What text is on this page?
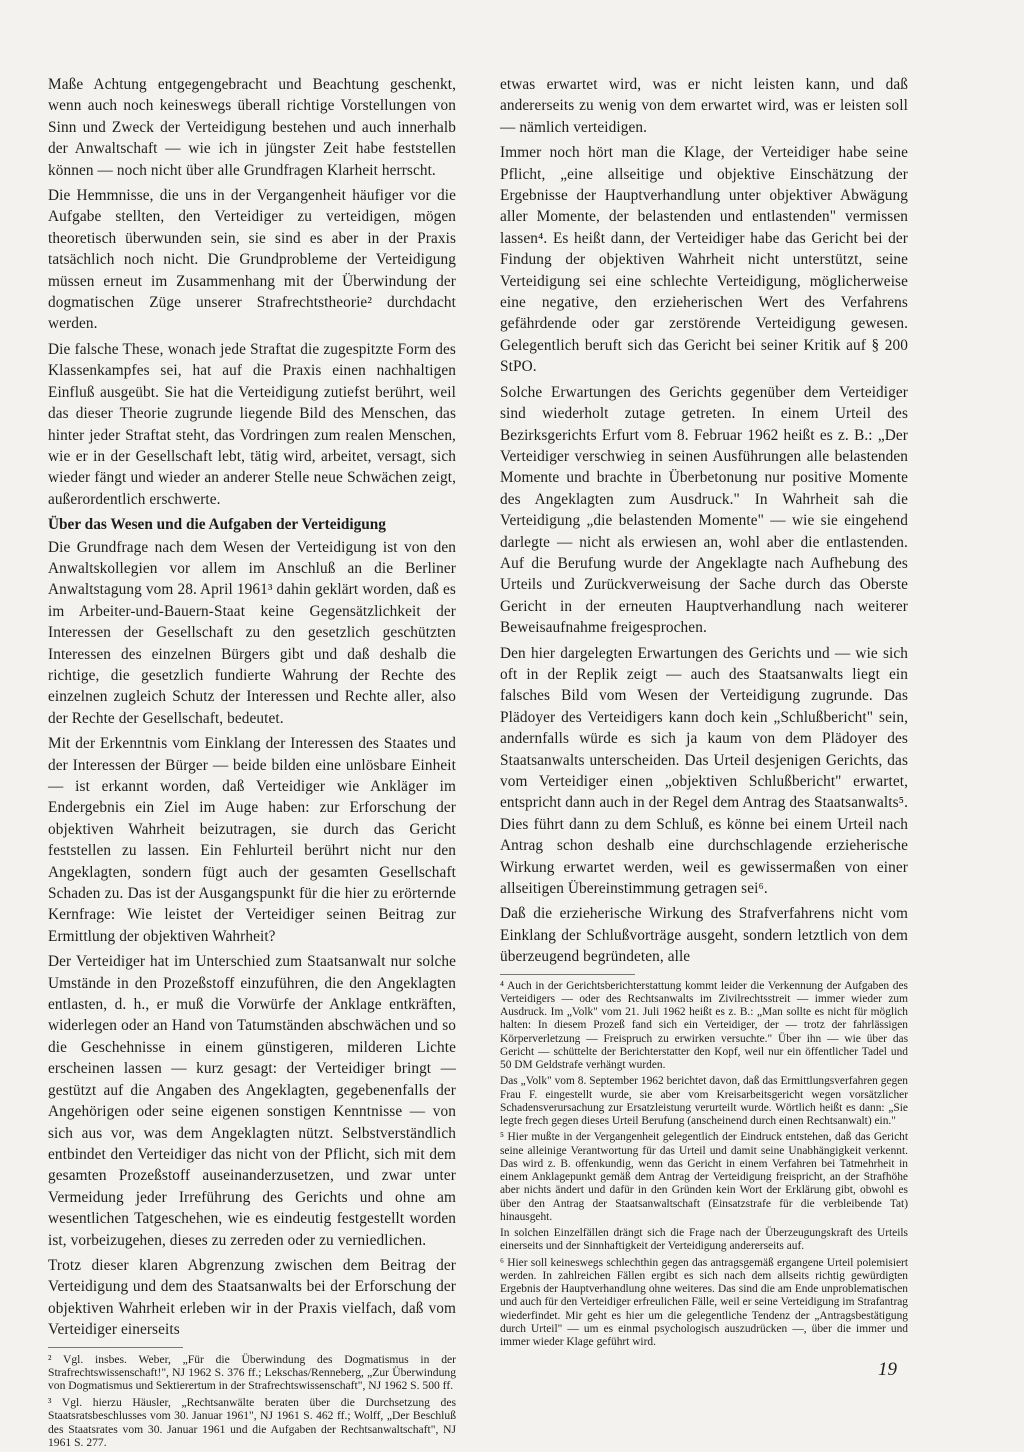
Maße Achtung entgegengebracht und Beachtung geschenkt, wenn auch noch keineswegs überall richtige Vorstellungen von Sinn und Zweck der Verteidigung bestehen und auch innerhalb der Anwaltschaft — wie ich in jüngster Zeit habe feststellen können — noch nicht über alle Grundfragen Klarheit herrscht.

Die Hemmnisse, die uns in der Vergangenheit häufiger vor die Aufgabe stellten, den Verteidiger zu verteidigen, mögen theoretisch überwunden sein, sie sind es aber in der Praxis tatsächlich noch nicht. Die Grundprobleme der Verteidigung müssen erneut im Zusammenhang mit der Überwindung der dogmatischen Züge unserer Strafrechtstheorie² durchdacht werden.

Die falsche These, wonach jede Straftat die zugespitzte Form des Klassenkampfes sei, hat auf die Praxis einen nachhaltigen Einfluß ausgeübt. Sie hat die Verteidigung zutiefst berührt, weil das dieser Theorie zugrunde liegende Bild des Menschen, das hinter jeder Straftat steht, das Vordringen zum realen Menschen, wie er in der Gesellschaft lebt, tätig wird, arbeitet, versagt, sich wieder fängt und wieder an anderer Stelle neue Schwächen zeigt, außerordentlich erschwerte.

Über das Wesen und die Aufgaben der Verteidigung

Die Grundfrage nach dem Wesen der Verteidigung ist von den Anwaltskollegien vor allem im Anschluß an die Berliner Anwaltstagung vom 28. April 1961³ dahin geklärt worden, daß es im Arbeiter-und-Bauern-Staat keine Gegensätzlichkeit der Interessen der Gesellschaft zu den gesetzlich geschützten Interessen des einzelnen Bürgers gibt und daß deshalb die richtige, die gesetzlich fundierte Wahrung der Rechte des einzelnen zugleich Schutz der Interessen und Rechte aller, also der Rechte der Gesellschaft, bedeutet.

Mit der Erkenntnis vom Einklang der Interessen des Staates und der Interessen der Bürger — beide bilden eine unlösbare Einheit — ist erkannt worden, daß Verteidiger wie Ankläger im Endergebnis ein Ziel im Auge haben: zur Erforschung der objektiven Wahrheit beizutragen, sie durch das Gericht feststellen zu lassen. Ein Fehlurteil berührt nicht nur den Angeklagten, sondern fügt auch der gesamten Gesellschaft Schaden zu. Das ist der Ausgangspunkt für die hier zu erörternde Kernfrage: Wie leistet der Verteidiger seinen Beitrag zur Ermittlung der objektiven Wahrheit?

Der Verteidiger hat im Unterschied zum Staatsanwalt nur solche Umstände in den Prozeßstoff einzuführen, die den Angeklagten entlasten, d. h., er muß die Vorwürfe der Anklage entkräften, widerlegen oder an Hand von Tatumständen abschwächen und so die Geschehnisse in einem günstigeren, milderen Lichte erscheinen lassen — kurz gesagt: der Verteidiger bringt — gestützt auf die Angaben des Angeklagten, gegebenenfalls der Angehörigen oder seine eigenen sonstigen Kenntnisse — von sich aus vor, was dem Angeklagten nützt. Selbstverständlich entbindet den Verteidiger das nicht von der Pflicht, sich mit dem gesamten Prozeßstoff auseinanderzusetzen, und zwar unter Vermeidung jeder Irreführung des Gerichts und ohne am wesentlichen Tatgeschehen, wie es eindeutig festgestellt worden ist, vorbeizugehen, dieses zu zerreden oder zu verniedlichen.

Trotz dieser klaren Abgrenzung zwischen dem Beitrag der Verteidigung und dem des Staatsanwalts bei der Erforschung der objektiven Wahrheit erleben wir in der Praxis vielfach, daß vom Verteidiger einerseits

² Vgl. insbes. Weber, „Für die Überwindung des Dogmatismus in der Strafrechtswissenschaft!", NJ 1962 S. 376 ff.; Lekschas/Renneberg, „Zur Überwindung von Dogmatismus und Sektierertum in der Strafrechtswissenschaft", NJ 1962 S. 500 ff.

³ Vgl. hierzu Häusler, „Rechtsanwälte beraten über die Durchsetzung des Staatsratsbeschlusses vom 30. Januar 1961", NJ 1961 S. 462 ff.; Wolff, „Der Beschluß des Staatsrates vom 30. Januar 1961 und die Aufgaben der Rechtsanwaltschaft", NJ 1961 S. 277.

etwas erwartet wird, was er nicht leisten kann, und daß andererseits zu wenig von dem erwartet wird, was er leisten soll — nämlich verteidigen.

Immer noch hört man die Klage, der Verteidiger habe seine Pflicht, „eine allseitige und objektive Einschätzung der Ergebnisse der Hauptverhandlung unter objektiver Abwägung aller Momente, der belastenden und entlastenden" vermissen lassen⁴. Es heißt dann, der Verteidiger habe das Gericht bei der Findung der objektiven Wahrheit nicht unterstützt, seine Verteidigung sei eine schlechte Verteidigung, möglicherweise eine negative, den erzieherischen Wert des Verfahrens gefährdende oder gar zerstörende Verteidigung gewesen. Gelegentlich beruft sich das Gericht bei seiner Kritik auf § 200 StPO.

Solche Erwartungen des Gerichts gegenüber dem Verteidiger sind wiederholt zutage getreten. In einem Urteil des Bezirksgerichts Erfurt vom 8. Februar 1962 heißt es z. B.: „Der Verteidiger verschwieg in seinen Ausführungen alle belastenden Momente und brachte in Überbetonung nur positive Momente des Angeklagten zum Ausdruck." In Wahrheit sah die Verteidigung „die belastenden Momente" — wie sie eingehend darlegte — nicht als erwiesen an, wohl aber die entlastenden. Auf die Berufung wurde der Angeklagte nach Aufhebung des Urteils und Zurückverweisung der Sache durch das Oberste Gericht in der erneuten Hauptverhandlung nach weiterer Beweisaufnahme freigesprochen.

Den hier dargelegten Erwartungen des Gerichts und — wie sich oft in der Replik zeigt — auch des Staatsanwalts liegt ein falsches Bild vom Wesen der Verteidigung zugrunde. Das Plädoyer des Verteidigers kann doch kein „Schlußbericht" sein, andernfalls würde es sich ja kaum von dem Plädoyer des Staatsanwalts unterscheiden. Das Urteil desjenigen Gerichts, das vom Verteidiger einen „objektiven Schlußbericht" erwartet, entspricht dann auch in der Regel dem Antrag des Staatsanwalts⁵. Dies führt dann zu dem Schluß, es könne bei einem Urteil nach Antrag schon deshalb eine durchschlagende erzieherische Wirkung erwartet werden, weil es gewissermaßen von einer allseitigen Übereinstimmung getragen sei⁶.

Daß die erzieherische Wirkung des Strafverfahrens nicht vom Einklang der Schlußvorträge ausgeht, sondern letztlich von dem überzeugend begründeten, alle

⁴ Auch in der Gerichtsberichterstattung kommt leider die Verkennung der Aufgaben des Verteidigers — oder des Rechtsanwalts im Zivilrechtsstreit — immer wieder zum Ausdruck. Im „Volk" vom 21. Juli 1962 heißt es z. B.: „Man sollte es nicht für möglich halten: In diesem Prozeß fand sich ein Verteidiger, der — trotz der fahrlässigen Körperverletzung — Freispruch zu erwirken versuchte." Über ihn — wie über das Gericht — schüttelte der Berichterstatter den Kopf, weil nur ein öffentlicher Tadel und 50 DM Geldstrafe verhängt wurden.

Das „Volk" vom 8. September 1962 berichtet davon, daß das Ermittlungsverfahren gegen Frau F. eingestellt wurde, sie aber vom Kreisarbeitsgericht wegen vorsätzlicher Schadensverursachung zur Ersatzleistung verurteilt wurde. Wörtlich heißt es dann: „Sie legte frech gegen dieses Urteil Berufung (anscheinend durch einen Rechtsanwalt) ein."

⁵ Hier mußte in der Vergangenheit gelegentlich der Eindruck entstehen, daß das Gericht seine alleinige Verantwortung für das Urteil und damit seine Unabhängigkeit verkennt. Das wird z. B. offenkundig, wenn das Gericht in einem Verfahren bei Tatmehrheit in einem Anklagepunkt gemäß dem Antrag der Verteidigung freispricht, an der Strafhöhe aber nichts ändert und dafür in den Gründen kein Wort der Erklärung gibt, obwohl es über den Antrag der Staatsanwaltschaft (Einsatzstrafe für die verbleibende Tat) hinausgeht.

In solchen Einzelfällen drängt sich die Frage nach der Überzeugungskraft des Urteils einerseits und der Sinnhaftigkeit der Verteidigung andererseits auf.

⁶ Hier soll keineswegs schlechthin gegen das antragsgemäß ergangene Urteil polemisiert werden. In zahlreichen Fällen ergibt es sich nach dem allseits richtig gewürdigten Ergebnis der Hauptverhandlung ohne weiteres. Das sind die am Ende unproblematischen und auch für den Verteidiger erfreulichen Fälle, weil er seine Verteidigung im Strafantrag wiederfindet. Mir geht es hier um die gelegentliche Tendenz der „Antragsbestätigung durch Urteil" — um es einmal psychologisch auszudrücken —, über die immer und immer wieder Klage geführt wird.

19
